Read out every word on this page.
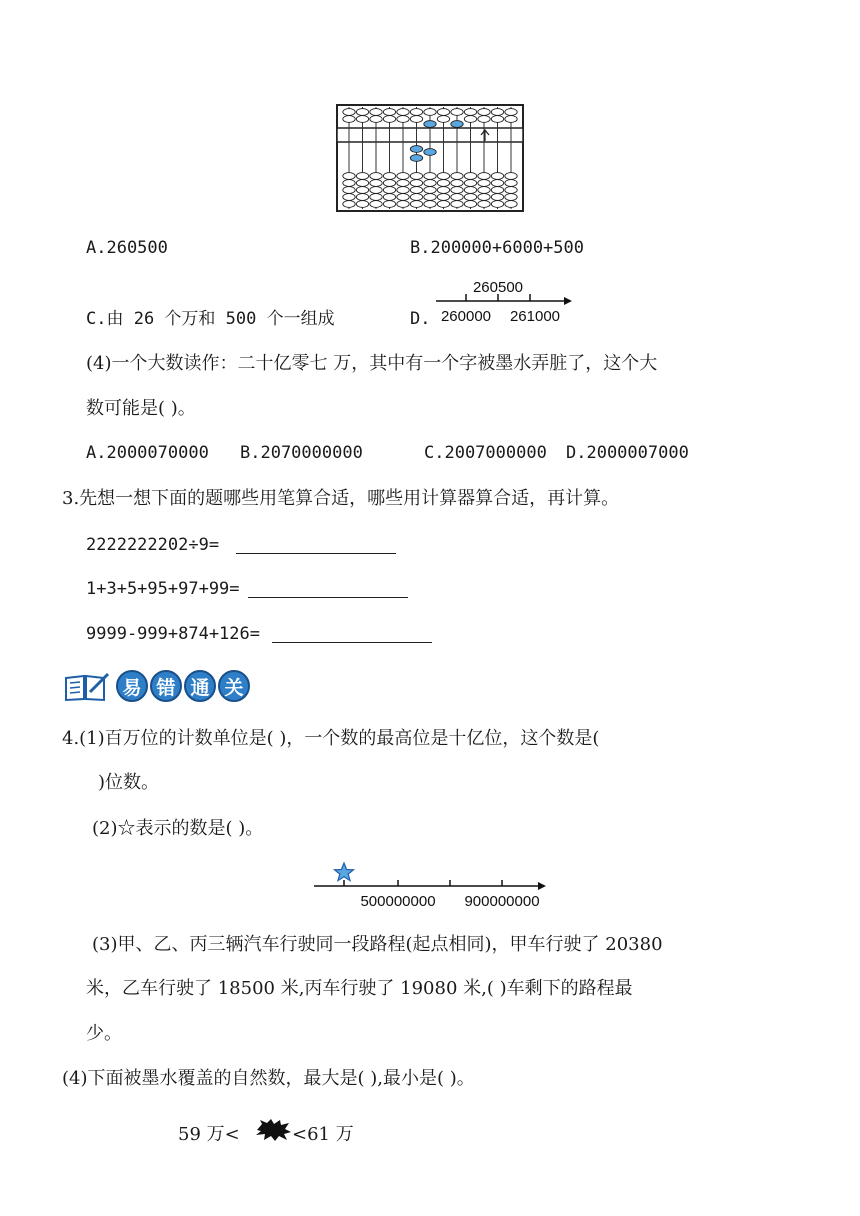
A.260500	B.200000+6000+500
C.由 26 个万和 500 个一组成	D.
260500
260000 261000
(4)一个大数读作：二十亿零七 万，其中有一个字被墨水弄脏了，这个大
数可能是( )。
A.2000070000 B.2070000000	C.2007000000 D.2000007000
3.先想一想下面的题哪些用笔算合适，哪些用计算器算合适，再计算。
2222222202÷9=
1+3+5+95+97+99=
9999-999+874+126=
易 错 通 关
4.(1)百万位的计数单位是( )，一个数的最高位是十亿位，这个数是(
)位数。
(2)☆表示的数是( )。
500000000 900000000
(3)甲、乙、丙三辆汽车行驶同一段路程(起点相同)，甲车行驶了 20380
米，乙车行驶了 18500 米,丙车行驶了 19080 米,( )车剩下的路程最
少。
(4)下面被墨水覆盖的自然数，最大是( ),最小是( )。
59 万<	<61 万
